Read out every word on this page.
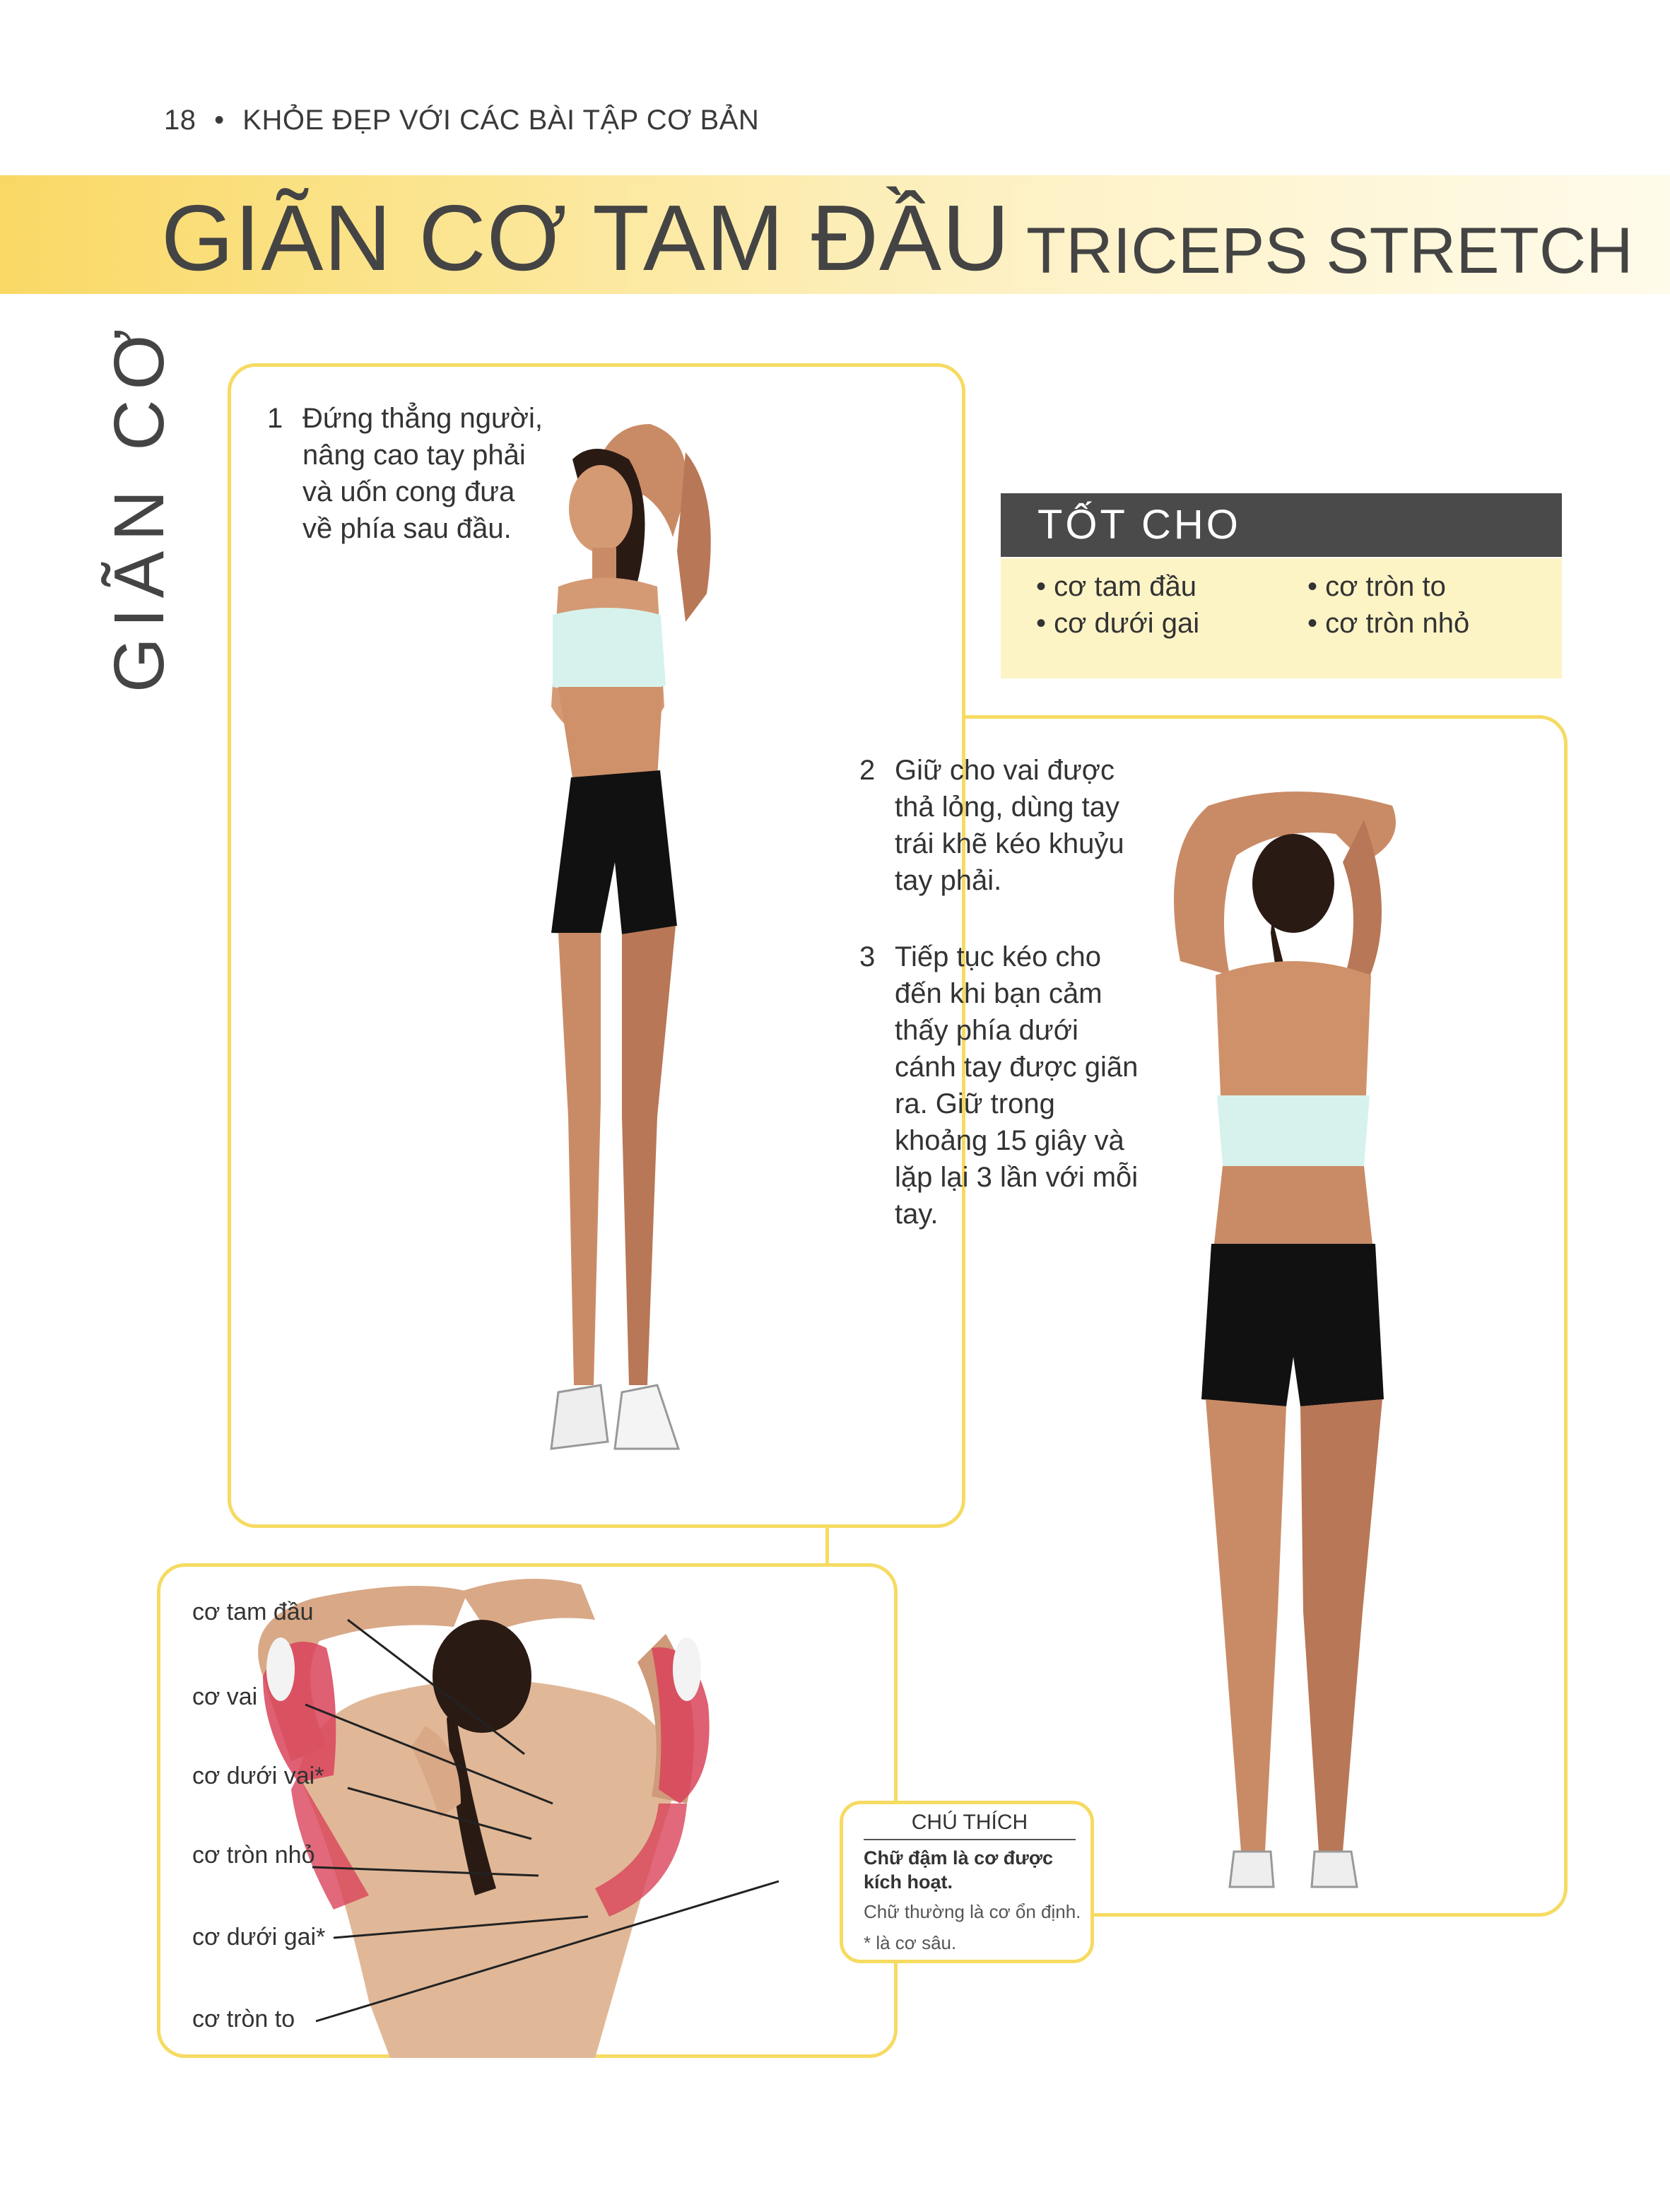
18 • KHỎE ĐẸP VỚI CÁC BÀI TẬP CƠ BẢN
GIÃN CƠ TAM ĐẦU TRICEPS STRETCH
GIÃN CƠ	1 Đứng thẳng người, nâng cao tay phải và uốn cong đưa về phía sau đầu.
2 Giữ cho vai được thả lỏng, dùng tay trái khẽ kéo khuỷu tay phải.
3 Tiếp tục kéo cho đến khi bạn cảm thấy phía dưới cánh tay được giãn ra. Giữ trong khoảng 15 giây và lặp lại 3 lần với mỗi tay.
TỐT CHO
• cơ tam đầu
• cơ dưới gai
• cơ tròn to
• cơ tròn nhỏ
cơ tam đầu
cơ vai
cơ dưới vai*
cơ tròn nhỏ
cơ dưới gai*
cơ tròn to
CHÚ THÍCH
Chữ đậm là cơ được kích hoạt.
Chữ thường là cơ ổn định.
* là cơ sâu.
